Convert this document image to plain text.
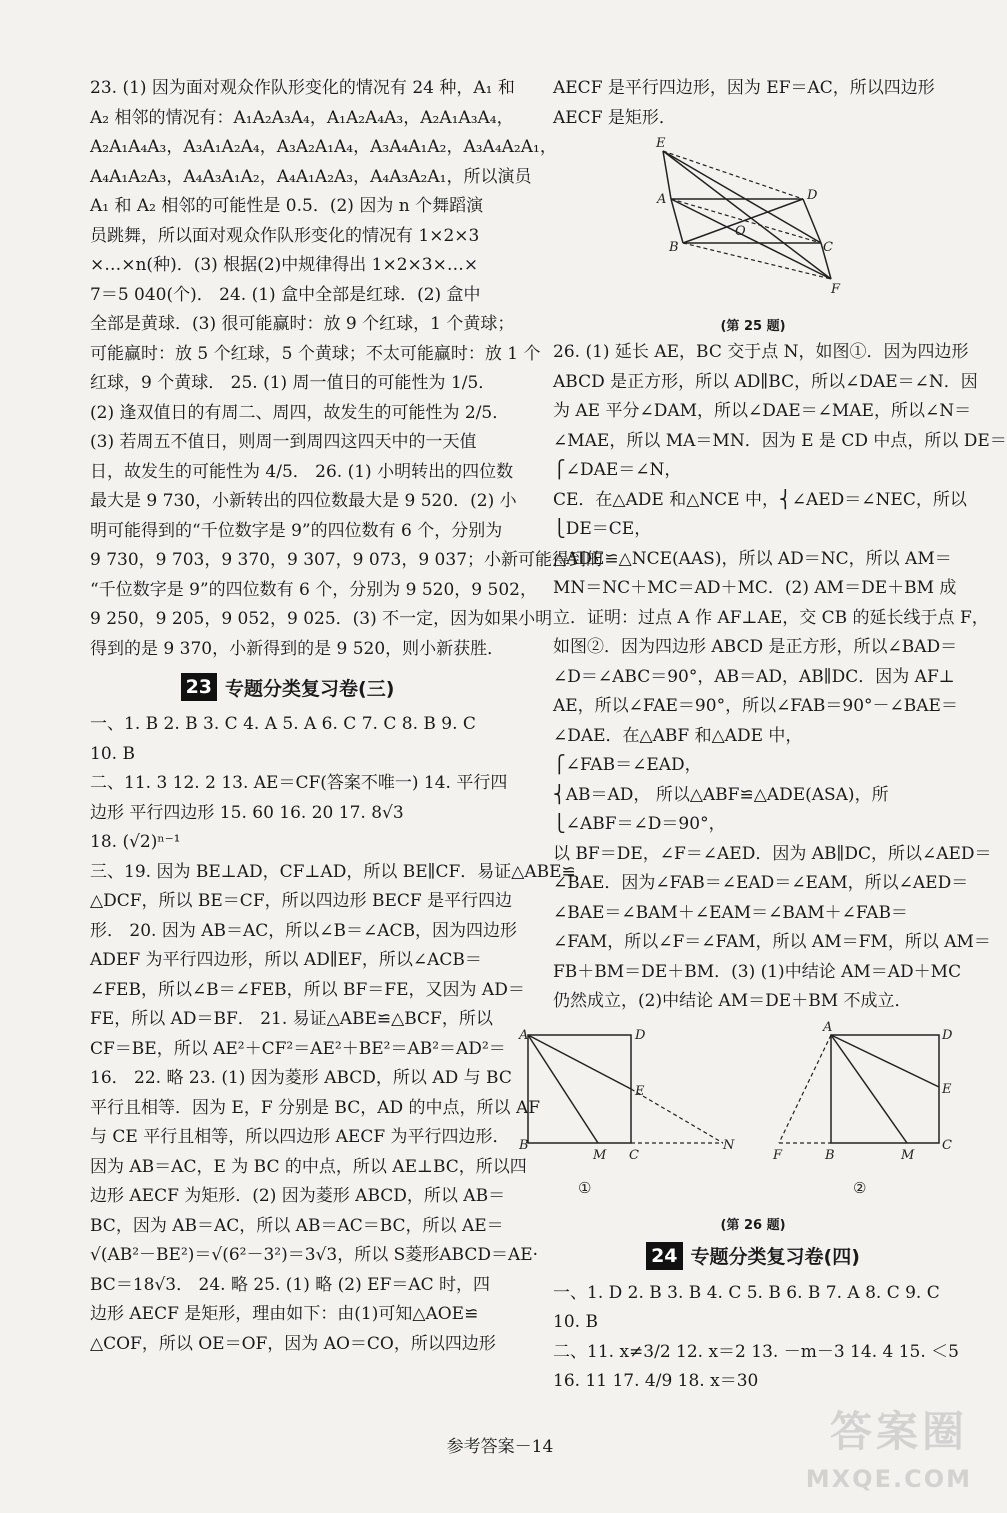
23. (1) 因为面对观众作队形变化的情况有 24 种，A₁ 和
A₂ 相邻的情况有：A₁A₂A₃A₄，A₁A₂A₄A₃，A₂A₁A₃A₄，
A₂A₁A₄A₃，A₃A₁A₂A₄，A₃A₂A₁A₄，A₃A₄A₁A₂，A₃A₄A₂A₁，
A₄A₁A₂A₃，A₄A₃A₁A₂，A₄A₁A₂A₃，A₄A₃A₂A₁，所以演员
A₁ 和 A₂ 相邻的可能性是 0.5．(2) 因为 n 个舞蹈演
员跳舞，所以面对观众作队形变化的情况有 1×2×3
×…×n(种)．(3) 根据(2)中规律得出 1×2×3×…×
7＝5 040(个)． 24. (1) 盒中全部是红球．(2) 盒中
全部是黄球．(3) 很可能赢时：放 9 个红球，1 个黄球；
可能赢时：放 5 个红球，5 个黄球；不太可能赢时：放 1 个
红球，9 个黄球． 25. (1) 周一值日的可能性为 1/5．
(2) 逢双值日的有周二、周四，故发生的可能性为 2/5．
(3) 若周五不值日，则周一到周四这四天中的一天值
日，故发生的可能性为 4/5． 26. (1) 小明转出的四位数
最大是 9 730，小新转出的四位数最大是 9 520．(2) 小
明可能得到的“千位数字是 9”的四位数有 6 个，分别为
9 730，9 703，9 370，9 307，9 073，9 037；小新可能得到的
“千位数字是 9”的四位数有 6 个，分别为 9 520，9 502，
9 250，9 205，9 052，9 025．(3) 不一定，因为如果小明
得到的是 9 370，小新得到的是 9 520，则小新获胜．
23 专题分类复习卷(三)
一、1. B 2. B 3. C 4. A 5. A 6. C 7. C 8. B 9. C
10. B
二、11. 3 12. 2 13. AE＝CF(答案不唯一) 14. 平行四
边形 平行四边形 15. 60 16. 20 17. 8√3
18. (√2)ⁿ⁻¹
三、19. 因为 BE⊥AD，CF⊥AD，所以 BE∥CF．易证△ABE≌
△DCF，所以 BE＝CF，所以四边形 BECF 是平行四边
形． 20. 因为 AB＝AC，所以∠B＝∠ACB，因为四边形
ADEF 为平行四边形，所以 AD∥EF，所以∠ACB＝
∠FEB，所以∠B＝∠FEB，所以 BF＝FE，又因为 AD＝
FE，所以 AD＝BF． 21. 易证△ABE≌△BCF，所以
CF＝BE，所以 AE²＋CF²＝AE²＋BE²＝AB²＝AD²＝
16． 22. 略 23. (1) 因为菱形 ABCD，所以 AD 与 BC
平行且相等．因为 E，F 分别是 BC，AD 的中点，所以 AF
与 CE 平行且相等，所以四边形 AECF 为平行四边形．
因为 AB＝AC，E 为 BC 的中点，所以 AE⊥BC，所以四
边形 AECF 为矩形．(2) 因为菱形 ABCD，所以 AB＝
BC，因为 AB＝AC，所以 AB＝AC＝BC，所以 AE＝
√(AB²－BE²)＝√(6²－3²)＝3√3，所以 S菱形ABCD＝AE·
BC＝18√3． 24. 略 25. (1) 略 (2) EF＝AC 时，四
边形 AECF 是矩形，理由如下：由(1)可知△AOE≌
△COF，所以 OE＝OF，因为 AO＝CO，所以四边形
AECF 是平行四边形，因为 EF＝AC，所以四边形
AECF 是矩形．
E
A	D
O
B	C
F
(第 25 题)
26. (1) 延长 AE，BC 交于点 N，如图①．因为四边形
ABCD 是正方形，所以 AD∥BC，所以∠DAE＝∠N．因
为 AE 平分∠DAM，所以∠DAE＝∠MAE，所以∠N＝
∠MAE，所以 MA＝MN．因为 E 是 CD 中点，所以 DE＝
⎧∠DAE＝∠N，
CE．在△ADE 和△NCE 中，⎨∠AED＝∠NEC，所以
⎩DE＝CE，
△ADE≌△NCE(AAS)，所以 AD＝NC，所以 AM＝
MN＝NC＋MC＝AD＋MC．(2) AM＝DE＋BM 成
立．证明：过点 A 作 AF⊥AE，交 CB 的延长线于点 F，
如图②．因为四边形 ABCD 是正方形，所以∠BAD＝
∠D＝∠ABC＝90°，AB＝AD，AB∥DC．因为 AF⊥
AE，所以∠FAE＝90°，所以∠FAB＝90°－∠BAE＝
∠DAE．在△ABF 和△ADE 中，
⎧∠FAB＝∠EAD，
⎨AB＝AD， 所以△ABF≌△ADE(ASA)，所
⎩∠ABF＝∠D＝90°，
以 BF＝DE，∠F＝∠AED．因为 AB∥DC，所以∠AED＝
∠BAE．因为∠FAB＝∠EAD＝∠EAM，所以∠AED＝
∠BAE＝∠BAM＋∠EAM＝∠BAM＋∠FAB＝
∠FAM，所以∠F＝∠FAM，所以 AM＝FM，所以 AM＝
FB＋BM＝DE＋BM．(3) (1)中结论 AM＝AD＋MC
仍然成立，(2)中结论 AM＝DE＋BM 不成立．
A	D
E
B
M C
N
①
A
D
E
F	B	M
C
②
(第 26 题)
24 专题分类复习卷(四)
一、1. D 2. B 3. B 4. C 5. B 6. B 7. A 8. C 9. C
10. B
二、11. x≠3/2 12. x＝2 13. －m－3 14. 4 15. ＜5
16. 11 17. 4/9 18. x＝30
参考答案－14	答案圈
MXQE.COM
